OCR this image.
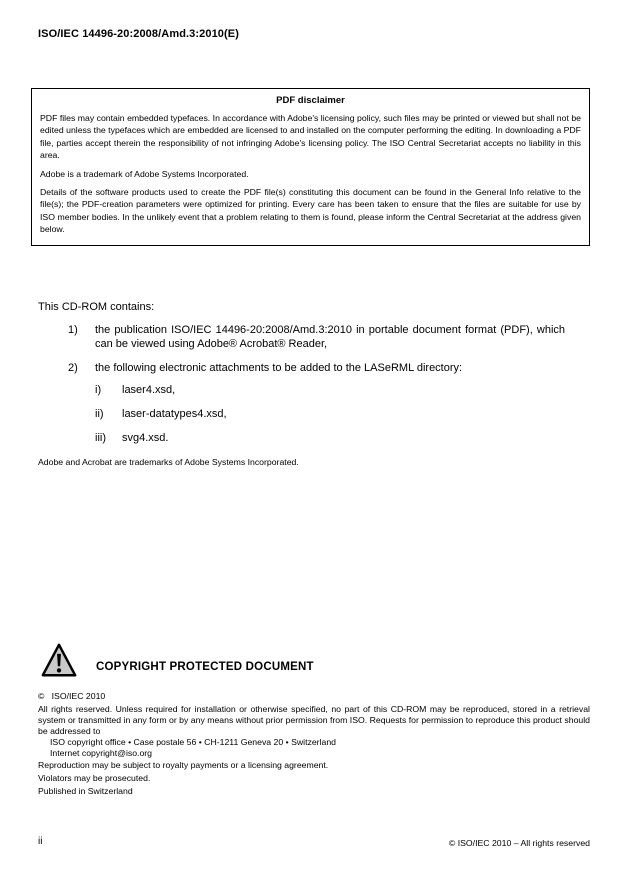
ISO/IEC 14496-20:2008/Amd.3:2010(E)
PDF disclaimer

PDF files may contain embedded typefaces. In accordance with Adobe's licensing policy, such files may be printed or viewed but shall not be edited unless the typefaces which are embedded are licensed to and installed on the computer performing the editing. In downloading a PDF file, parties accept therein the responsibility of not infringing Adobe's licensing policy. The ISO Central Secretariat accepts no liability in this area.

Adobe is a trademark of Adobe Systems Incorporated.

Details of the software products used to create the PDF file(s) constituting this document can be found in the General Info relative to the file(s); the PDF-creation parameters were optimized for printing. Every care has been taken to ensure that the files are suitable for use by ISO member bodies. In the unlikely event that a problem relating to them is found, please inform the Central Secretariat at the address given below.

This CD-ROM contains:
1)	the publication ISO/IEC 14496-20:2008/Amd.3:2010 in portable document format (PDF), which can be viewed using Adobe® Acrobat® Reader,
2)	the following electronic attachments to be added to the LASeRML directory:
i)	laser4.xsd,
ii)	laser-datatypes4.xsd,
iii)	svg4.xsd.
Adobe and Acrobat are trademarks of Adobe Systems Incorporated.
COPYRIGHT PROTECTED DOCUMENT
©   ISO/IEC 2010
All rights reserved. Unless required for installation or otherwise specified, no part of this CD-ROM may be reproduced, stored in a retrieval system or transmitted in any form or by any means without prior permission from ISO. Requests for permission to reproduce this product should be addressed to
ISO copyright office • Case postale 56 • CH-1211 Geneva 20 • Switzerland
Internet copyright@iso.org
Reproduction may be subject to royalty payments or a licensing agreement.
Violators may be prosecuted.
Published in Switzerland
ii	© ISO/IEC 2010 – All rights reserved
